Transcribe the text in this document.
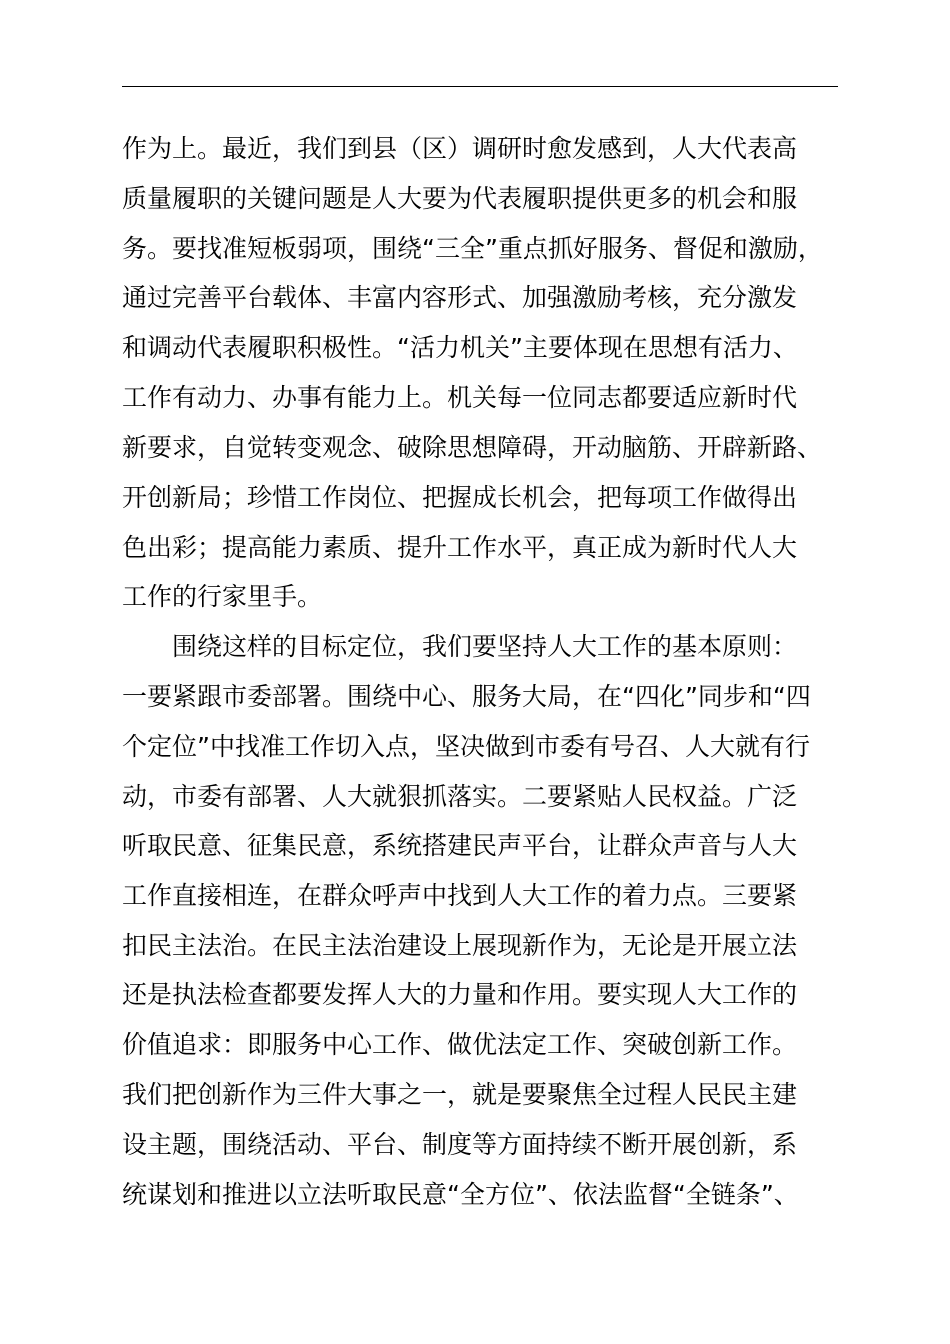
作为上。最近，我们到县（区）调研时愈发感到，人大代表高
质量履职的关键问题是人大要为代表履职提供更多的机会和服
务。要找准短板弱项，围绕“三全”重点抓好服务、督促和激励，
通过完善平台载体、丰富内容形式、加强激励考核，充分激发
和调动代表履职积极性。“活力机关”主要体现在思想有活力、
工作有动力、办事有能力上。机关每一位同志都要适应新时代
新要求，自觉转变观念、破除思想障碍，开动脑筋、开辟新路、
开创新局；珍惜工作岗位、把握成长机会，把每项工作做得出
色出彩；提高能力素质、提升工作水平，真正成为新时代人大
工作的行家里手。
围绕这样的目标定位，我们要坚持人大工作的基本原则：
一要紧跟市委部署。围绕中心、服务大局，在“四化”同步和“四
个定位”中找准工作切入点，坚决做到市委有号召、人大就有行
动，市委有部署、人大就狠抓落实。二要紧贴人民权益。广泛
听取民意、征集民意，系统搭建民声平台，让群众声音与人大
工作直接相连，在群众呼声中找到人大工作的着力点。三要紧
扣民主法治。在民主法治建设上展现新作为，无论是开展立法
还是执法检查都要发挥人大的力量和作用。要实现人大工作的
价值追求：即服务中心工作、做优法定工作、突破创新工作。
我们把创新作为三件大事之一，就是要聚焦全过程人民民主建
设主题，围绕活动、平台、制度等方面持续不断开展创新，系
统谋划和推进以立法听取民意“全方位”、依法监督“全链条”、
